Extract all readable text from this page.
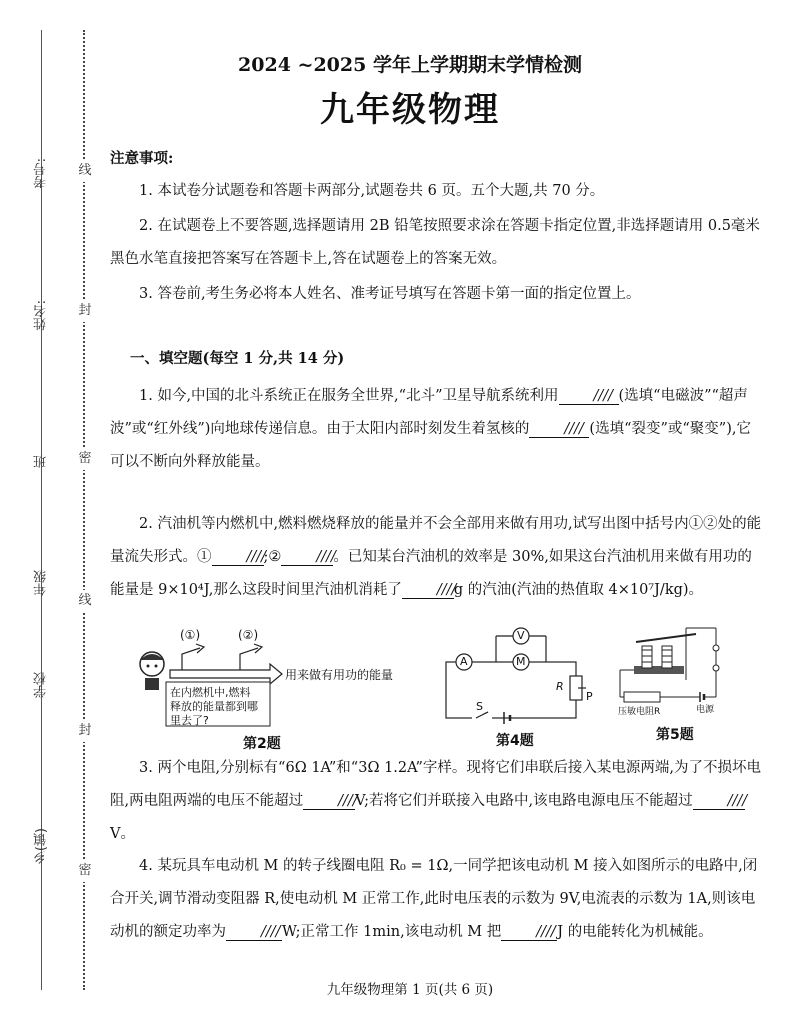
考号:
姓名:
班
年级
学校
乡(镇)
线
封
密
线
封
密
2024 ~2025 学年上学期期末学情检测
九年级物理
注意事项:
1. 本试卷分试题卷和答题卡两部分,试题卷共 6 页。五个大题,共 70 分。
2. 在试题卷上不要答题,选择题请用 2B 铅笔按照要求涂在答题卡指定位置,非选择题请用 0.5毫米黑色水笔直接把答案写在答题卡上,答在试题卷上的答案无效。
3. 答卷前,考生务必将本人姓名、准考证号填写在答题卡第一面的指定位置上。
一、填空题(每空 1 分,共 14 分)
1. 如今,中国的北斗系统正在服务全世界,“北斗”卫星导航系统利用 //// (选填“电磁波”“超声波”或“红外线”)向地球传递信息。由于太阳内部时刻发生着氢核的 //// (选填“裂变”或“聚变”),它可以不断向外释放能量。
2. 汽油机等内燃机中,燃料燃烧释放的能量并不会全部用来做有用功,试写出图中括号内①②处的能量流失形式。① ////;② ////。已知某台汽油机的效率是 30%,如果这台汽油机用来做有用功的能量是 9×10⁴J,那么这段时间里汽油机消耗了 ////g 的汽油(汽油的热值取 4×10⁷J/kg)。
(①)	(②)
用来做有用功的能量
在内燃机中,燃料
释放的能量都到哪
里去了?
第2题
V
A	M
R
P
S
第4题
压敏电阻R	电源
第5题
3. 两个电阻,分别标有“6Ω 1A”和“3Ω 1.2A”字样。现将它们串联后接入某电源两端,为了不损坏电阻,两电阻两端的电压不能超过 ////V;若将它们并联接入电路中,该电路电源电压不能超过 ////V。
4. 某玩具车电动机 M 的转子线圈电阻 R₀ = 1Ω,一同学把该电动机 M 接入如图所示的电路中,闭合开关,调节滑动变阻器 R,使电动机 M 正常工作,此时电压表的示数为 9V,电流表的示数为 1A,则该电动机的额定功率为 ////W;正常工作 1min,该电动机 M 把 ////J 的电能转化为机械能。
九年级物理第 1 页(共 6 页)
